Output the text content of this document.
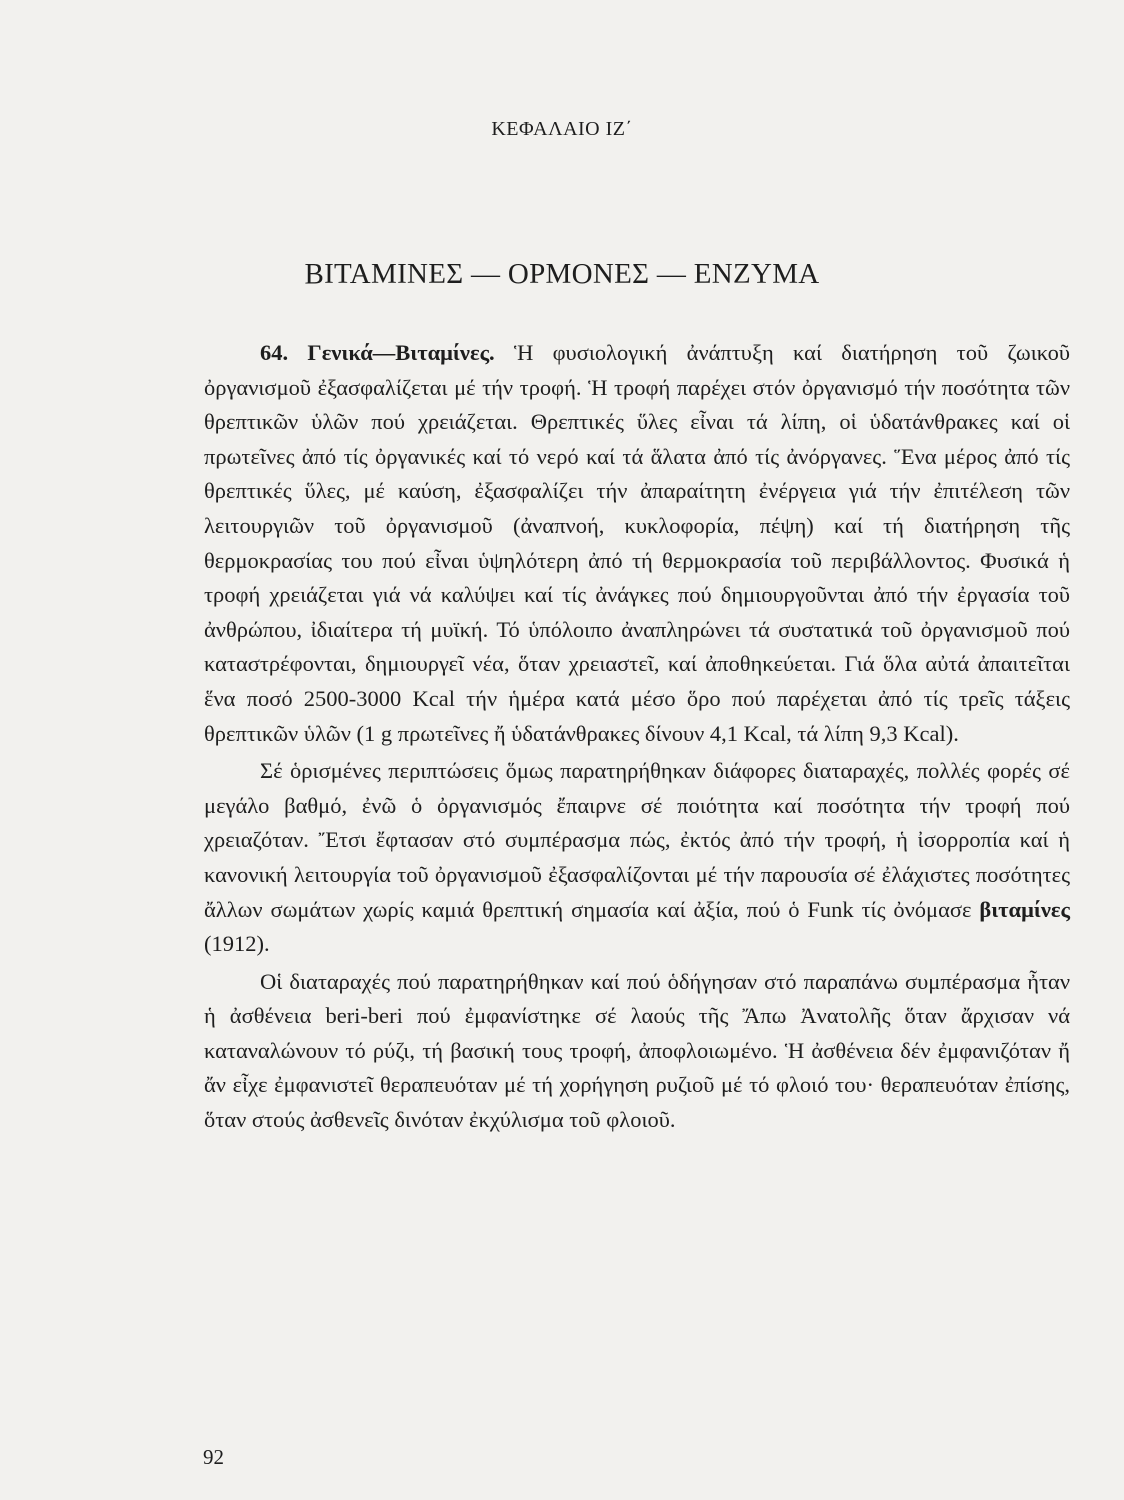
ΚΕΦΑΛΑΙΟ ΙΖ΄
ΒΙΤΑΜΙΝΕΣ — ΟΡΜΟΝΕΣ — ΕΝΖΥΜΑ

64. Γενικά—Βιταμίνες. Ἡ φυσιολογική ἀνάπτυξη καί διατήρηση τοῦ ζωικοῦ ὀργανισμοῦ ἐξασφαλίζεται μέ τήν τροφή. Ἡ τροφή παρέχει στόν ὀργανισμό τήν ποσότητα τῶν θρεπτικῶν ὑλῶν πού χρειάζεται. Θρεπτικές ὕλες εἶναι τά λίπη, οἱ ὑδατάνθρακες καί οἱ πρωτεῖνες ἀπό τίς ὀργανικές καί τό νερό καί τά ἅλατα ἀπό τίς ἀνόργανες. Ἕνα μέρος ἀπό τίς θρεπτικές ὕλες, μέ καύση, ἐξασφαλίζει τήν ἀπαραίτητη ἐνέργεια γιά τήν ἐπιτέλεση τῶν λειτουργιῶν τοῦ ὀργανισμοῦ (ἀναπνοή, κυκλοφορία, πέψη) καί τή διατήρηση τῆς θερμοκρασίας του πού εἶναι ὑψηλότερη ἀπό τή θερμοκρασία τοῦ περιβάλλοντος. Φυσικά ἡ τροφή χρειάζεται γιά νά καλύψει καί τίς ἀνάγκες πού δημιουργοῦνται ἀπό τήν ἐργασία τοῦ ἀνθρώπου, ἰδιαίτερα τή μυϊκή. Τό ὑπόλοιπο ἀναπληρώνει τά συστατικά τοῦ ὀργανισμοῦ πού καταστρέφονται, δημιουργεῖ νέα, ὅταν χρειαστεῖ, καί ἀποθηκεύεται. Γιά ὅλα αὐτά ἀπαιτεῖται ἕνα ποσό 2500-3000 Kcal τήν ἡμέρα κατά μέσο ὅρο πού παρέχεται ἀπό τίς τρεῖς τάξεις θρεπτικῶν ὑλῶν (1 g πρωτεῖνες ἤ ὑδατάνθρακες δίνουν 4,1 Kcal, τά λίπη 9,3 Kcal).

Σέ ὁρισμένες περιπτώσεις ὅμως παρατηρήθηκαν διάφορες διαταραχές, πολλές φορές σέ μεγάλο βαθμό, ἐνῶ ὁ ὀργανισμός ἔπαιρνε σέ ποιότητα καί ποσότητα τήν τροφή πού χρειαζόταν. Ἔτσι ἔφτασαν στό συμπέρασμα πώς, ἐκτός ἀπό τήν τροφή, ἡ ἰσορροπία καί ἡ κανονική λειτουργία τοῦ ὀργανισμοῦ ἐξασφαλίζονται μέ τήν παρουσία σέ ἐλάχιστες ποσότητες ἄλλων σωμάτων χωρίς καμιά θρεπτική σημασία καί ἀξία, πού ὁ Funk τίς ὀνόμασε βιταμίνες (1912).

Οἱ διαταραχές πού παρατηρήθηκαν καί πού ὁδήγησαν στό παραπάνω συμπέρασμα ἦταν ἡ ἀσθένεια beri-beri πού ἐμφανίστηκε σέ λαούς τῆς Ἄπω Ἀνατολῆς ὅταν ἄρχισαν νά καταναλώνουν τό ρύζι, τή βασική τους τροφή, ἀποφλοιωμένο. Ἡ ἀσθένεια δέν ἐμφανιζόταν ἤ ἄν εἶχε ἐμφανιστεῖ θεραπευόταν μέ τή χορήγηση ρυζιοῦ μέ τό φλοιό του· θεραπευόταν ἐπίσης, ὅταν στούς ἀσθενεῖς δινόταν ἐκχύλισμα τοῦ φλοιοῦ.

92
